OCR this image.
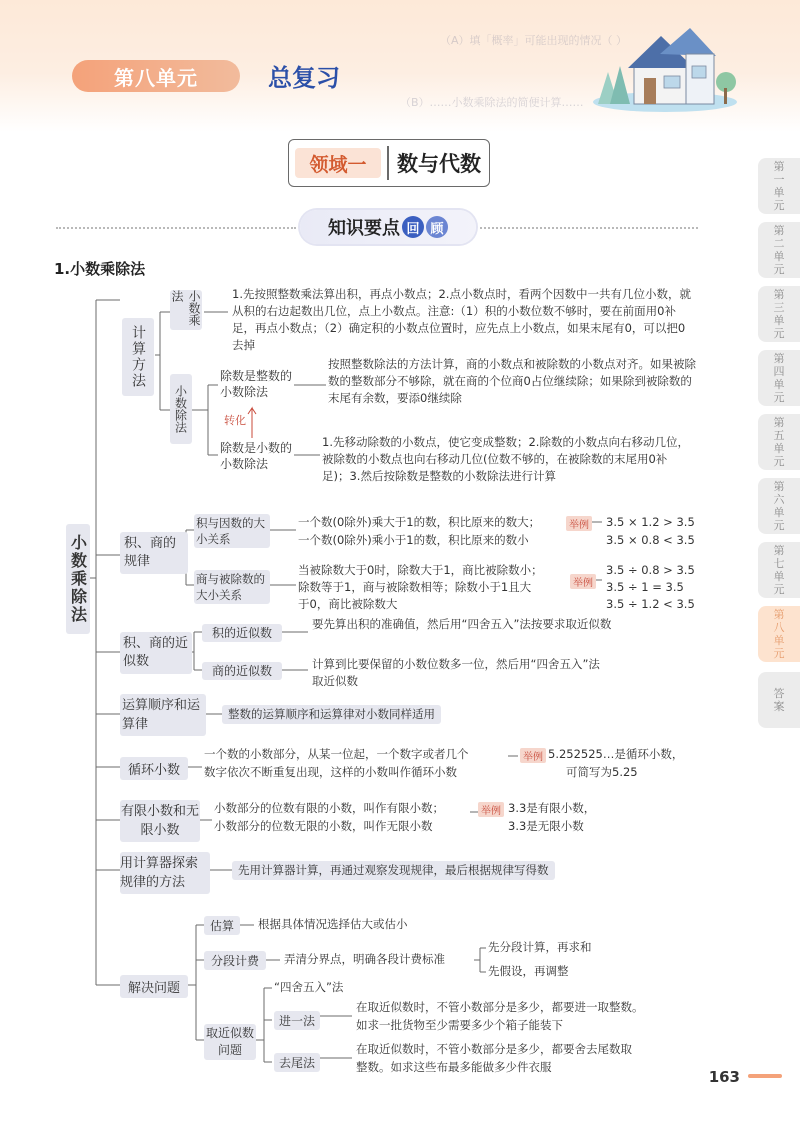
（A）填「概率」可能出现的情况（ ）
（B）……小数乘除法的简便计算……
第八单元	总复习
领域一	数与代数
知识要点 回 顾
1.小数乘除法
第
一
单
元
第
二
单
元
第
三
单
元
第
四
单
元
第
五
单
元
第
六
单
元
第
七
单
元
第
八
单
元
答
案
小数乘除法
计算方法
小数乘法	1.先按照整数乘法算出积，再点小数点；2.点小数点时，看两个因数中一共有几位小数，就从积的右边起数出几位，点上小数点。注意:（1）积的小数位数不够时，要在前面用0补足，再点小数点；（2）确定积的小数点位置时，应先点上小数点，如果末尾有0，可以把0去掉
小数除法
除数是整数的小数除法
按照整数除法的方法计算，商的小数点和被除数的小数点对齐。如果被除数的整数部分不够除，就在商的个位商0占位继续除；如果除到被除数的末尾有余数，要添0继续除
转化
除数是小数的小数除法
1.先移动除数的小数点，使它变成整数；2.除数的小数点向右移动几位，被除数的小数点也向右移动几位(位数不够的，在被除数的末尾用0补足)；3.然后按除数是整数的小数除法进行计算
积、商的规律
积与因数的大小关系
一个数(0除外)乘大于1的数，积比原来的数大；
一个数(0除外)乘小于1的数，积比原来的数小
举例 3.5 × 1.2 > 3.5
3.5 × 0.8 < 3.5
商与被除数的大小关系
当被除数大于0时，除数大于1，商比被除数小；
除数等于1，商与被除数相等；除数小于1且大
于0，商比被除数大
举例
3.5 ÷ 0.8 > 3.5
3.5 ÷ 1 = 3.5
3.5 ÷ 1.2 < 3.5
积、商的近似数
积的近似数
要先算出积的准确值，然后用“四舍五入”法按要求取近似数
商的近似数	计算到比要保留的小数位数多一位，然后用“四舍五入”法取近似数
运算顺序和运算律
整数的运算顺序和运算律对小数同样适用
循环小数
一个数的小数部分，从某一位起，一个数字或者几个
数字依次不断重复出现，这样的小数叫作循环小数
举例 5.252525…是循环小数，
可简写为5.25
有限小数和无限小数
小数部分的位数有限的小数，叫作有限小数；
小数部分的位数无限的小数，叫作无限小数
举例 3.3是有限小数，
3.3是无限小数
用计算器探索规律的方法
先用计算器计算，再通过观察发现规律，最后根据规律写得数
解决问题
估算	根据具体情况选择估大或估小
分段计费	弄清分界点，明确各段计费标准
先分段计算，再求和
先假设，再调整
取近似数问题
“四舍五入”法
进一法
在取近似数时，不管小数部分是多少，都要进一取整数。
如求一批货物至少需要多少个箱子能装下
去尾法
在取近似数时，不管小数部分是多少，都要舍去尾数取
整数。如求这些布最多能做多少件衣服
163
